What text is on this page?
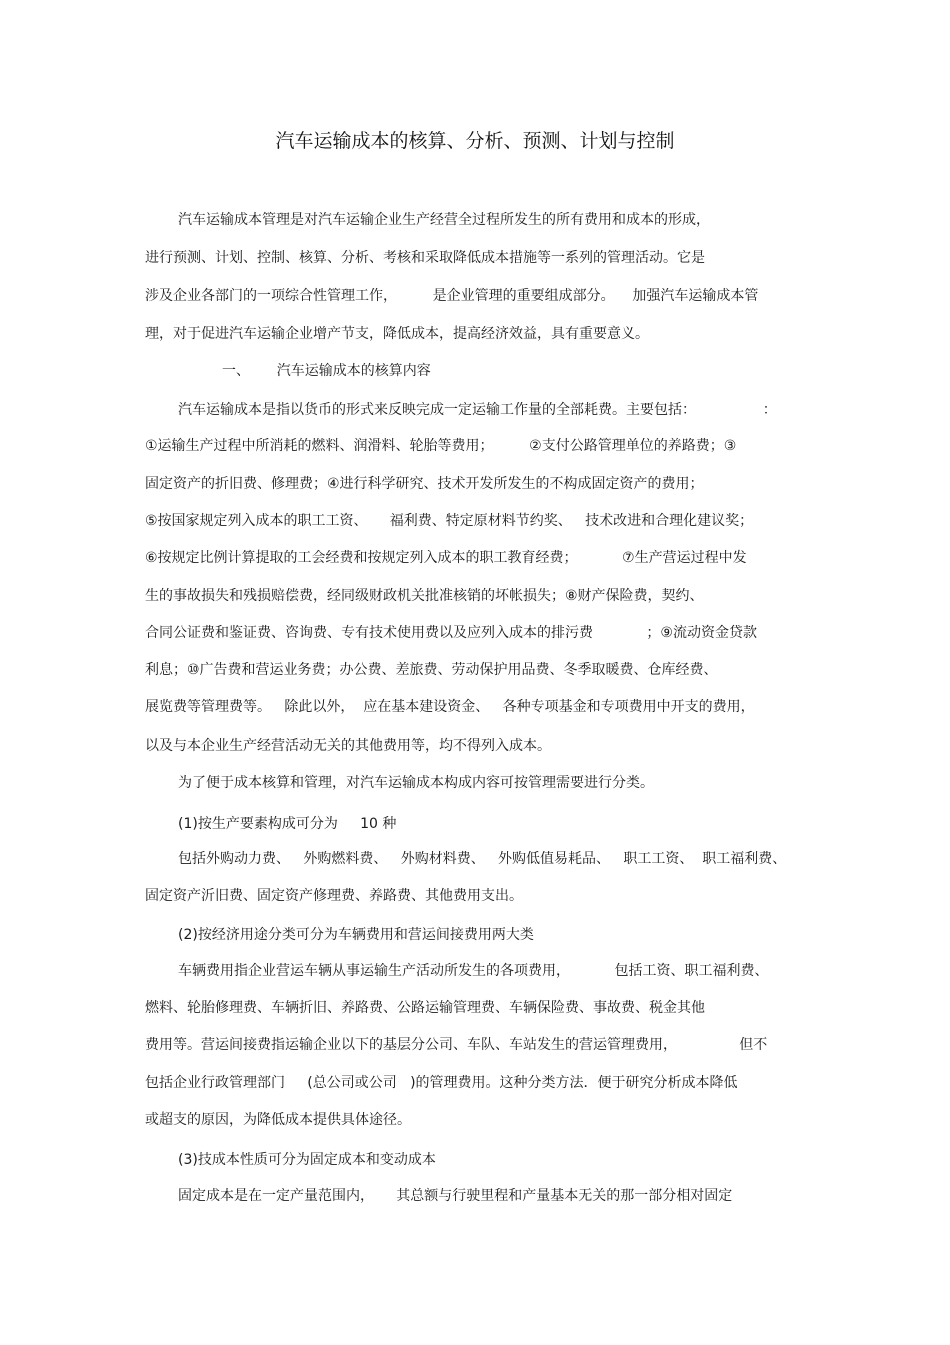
汽车运输成本的核算、分析、预测、计划与控制
汽车运输成本管理是对汽车运输企业生产经营全过程所发生的所有费用和成本的形成，
进行预测、计划、控制、核算、分析、考核和采取降低成本措施等一系列的管理活动。它是
涉及企业各部门的一项综合性管理工作，        是企业管理的重要组成部分。    加强汽车运输成本管
理，对于促进汽车运输企业增产节支，降低成本，提高经济效益，具有重要意义。
一、      汽车运输成本的核算内容
汽车运输成本是指以货币的形式来反映完成一定运输工作量的全部耗费。主要包括：               ：
①运输生产过程中所消耗的燃料、润滑料、轮胎等费用；        ②支付公路管理单位的养路费；③
固定资产的折旧费、修理费；④进行科学研究、技术开发所发生的不构成固定资产的费用；
⑤按国家规定列入成本的职工工资、     福利费、特定原材料节约奖、   技术改进和合理化建议奖；
⑥按规定比例计算提取的工会经费和按规定列入成本的职工教育经费；          ⑦生产营运过程中发
生的事故损失和残损赔偿费，经同级财政机关批准核销的坏帐损失；⑧财产保险费，契约、
合同公证费和鉴证费、咨询费、专有技术使用费以及应列入成本的排污费            ；⑨流动资金贷款
利息；⑩广告费和营运业务费；办公费、差旅费、劳动保护用品费、冬季取暖费、仓库经费、
展览费等管理费等。   除此以外，  应在基本建设资金、   各种专项基金和专项费用中开支的费用，
以及与本企业生产经营活动无关的其他费用等，均不得列入成本。
为了便于成本核算和管理，对汽车运输成本构成内容可按管理需要进行分类。
(1)按生产要素构成可分为     10 种
包括外购动力费、   外购燃料费、   外购材料费、   外购低值易耗品、   职工工资、  职工福利费、
固定资产沂旧费、固定资产修理费、养路费、其他费用支出。
(2)按经济用途分类可分为车辆费用和营运间接费用两大类
车辆费用指企业营运车辆从事运输生产活动所发生的各项费用，          包括工资、职工福利费、
燃料、轮胎修理费、车辆折旧、养路费、公路运输管理费、车辆保险费、事故费、税金其他
费用等。营运间接费指运输企业以下的基层分公司、车队、车站发生的营运管理费用，              但不
包括企业行政管理部门     (总公司或公司   )的管理费用。这种分类方法．便于研究分析成本降低
或超支的原因，为降低成本提供具体途径。
(3)技成本性质可分为固定成本和变动成本
固定成本是在一定产量范围内，     其总额与行驶里程和产量基本无关的那一部分相对固定
